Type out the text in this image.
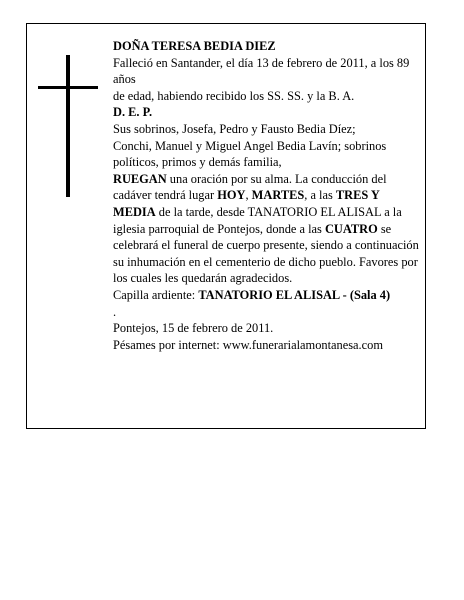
DOÑA TERESA BEDIA DIEZ

Falleció en Santander, el día 13 de febrero de 2011, a los 89 años

de edad, habiendo recibido los SS. SS. y la B. A.

D. E. P.

Sus sobrinos, Josefa, Pedro y Fausto Bedia Díez;

Conchi, Manuel y Miguel Angel Bedia Lavín; sobrinos políticos, primos y demás familia,

RUEGAN una oración por su alma. La conducción del cadáver tendrá lugar HOY, MARTES, a las TRES Y MEDIA de la tarde, desde TANATORIO EL ALISAL a la iglesia parroquial de Pontejos, donde a las CUATRO se celebrará el funeral de cuerpo presente, siendo a continuación su inhumación en el cementerio de dicho pueblo. Favores por los cuales les quedarán agradecidos.

Capilla ardiente: TANATORIO EL ALISAL - (Sala 4)

.

Pontejos, 15 de febrero de 2011.

Pésames por internet: www.funerarialamontanesa.com
